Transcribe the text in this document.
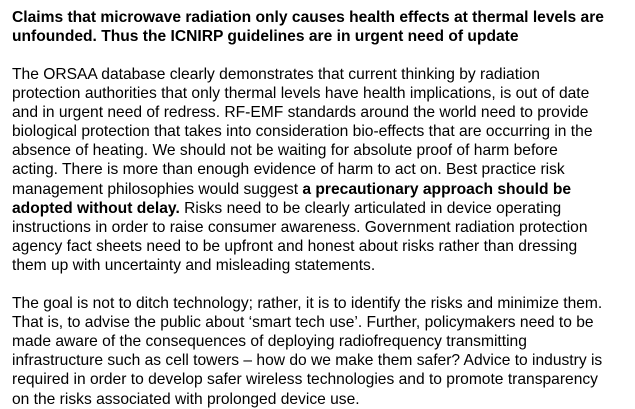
Claims that microwave radiation only causes health effects at thermal levels are
unfounded. Thus the ICNIRP guidelines are in urgent need of update

The ORSAA database clearly demonstrates that current thinking by radiation
protection authorities that only thermal levels have health implications, is out of date
and in urgent need of redress. RF-EMF standards around the world need to provide
biological protection that takes into consideration bio-effects that are occurring in the
absence of heating. We should not be waiting for absolute proof of harm before
acting. There is more than enough evidence of harm to act on. Best practice risk
management philosophies would suggest a precautionary approach should be
adopted without delay. Risks need to be clearly articulated in device operating
instructions in order to raise consumer awareness. Government radiation protection
agency fact sheets need to be upfront and honest about risks rather than dressing
them up with uncertainty and misleading statements.

The goal is not to ditch technology; rather, it is to identify the risks and minimize them.
That is, to advise the public about ‘smart tech use’. Further, policymakers need to be
made aware of the consequences of deploying radiofrequency transmitting
infrastructure such as cell towers – how do we make them safer? Advice to industry is
required in order to develop safer wireless technologies and to promote transparency
on the risks associated with prolonged device use.
